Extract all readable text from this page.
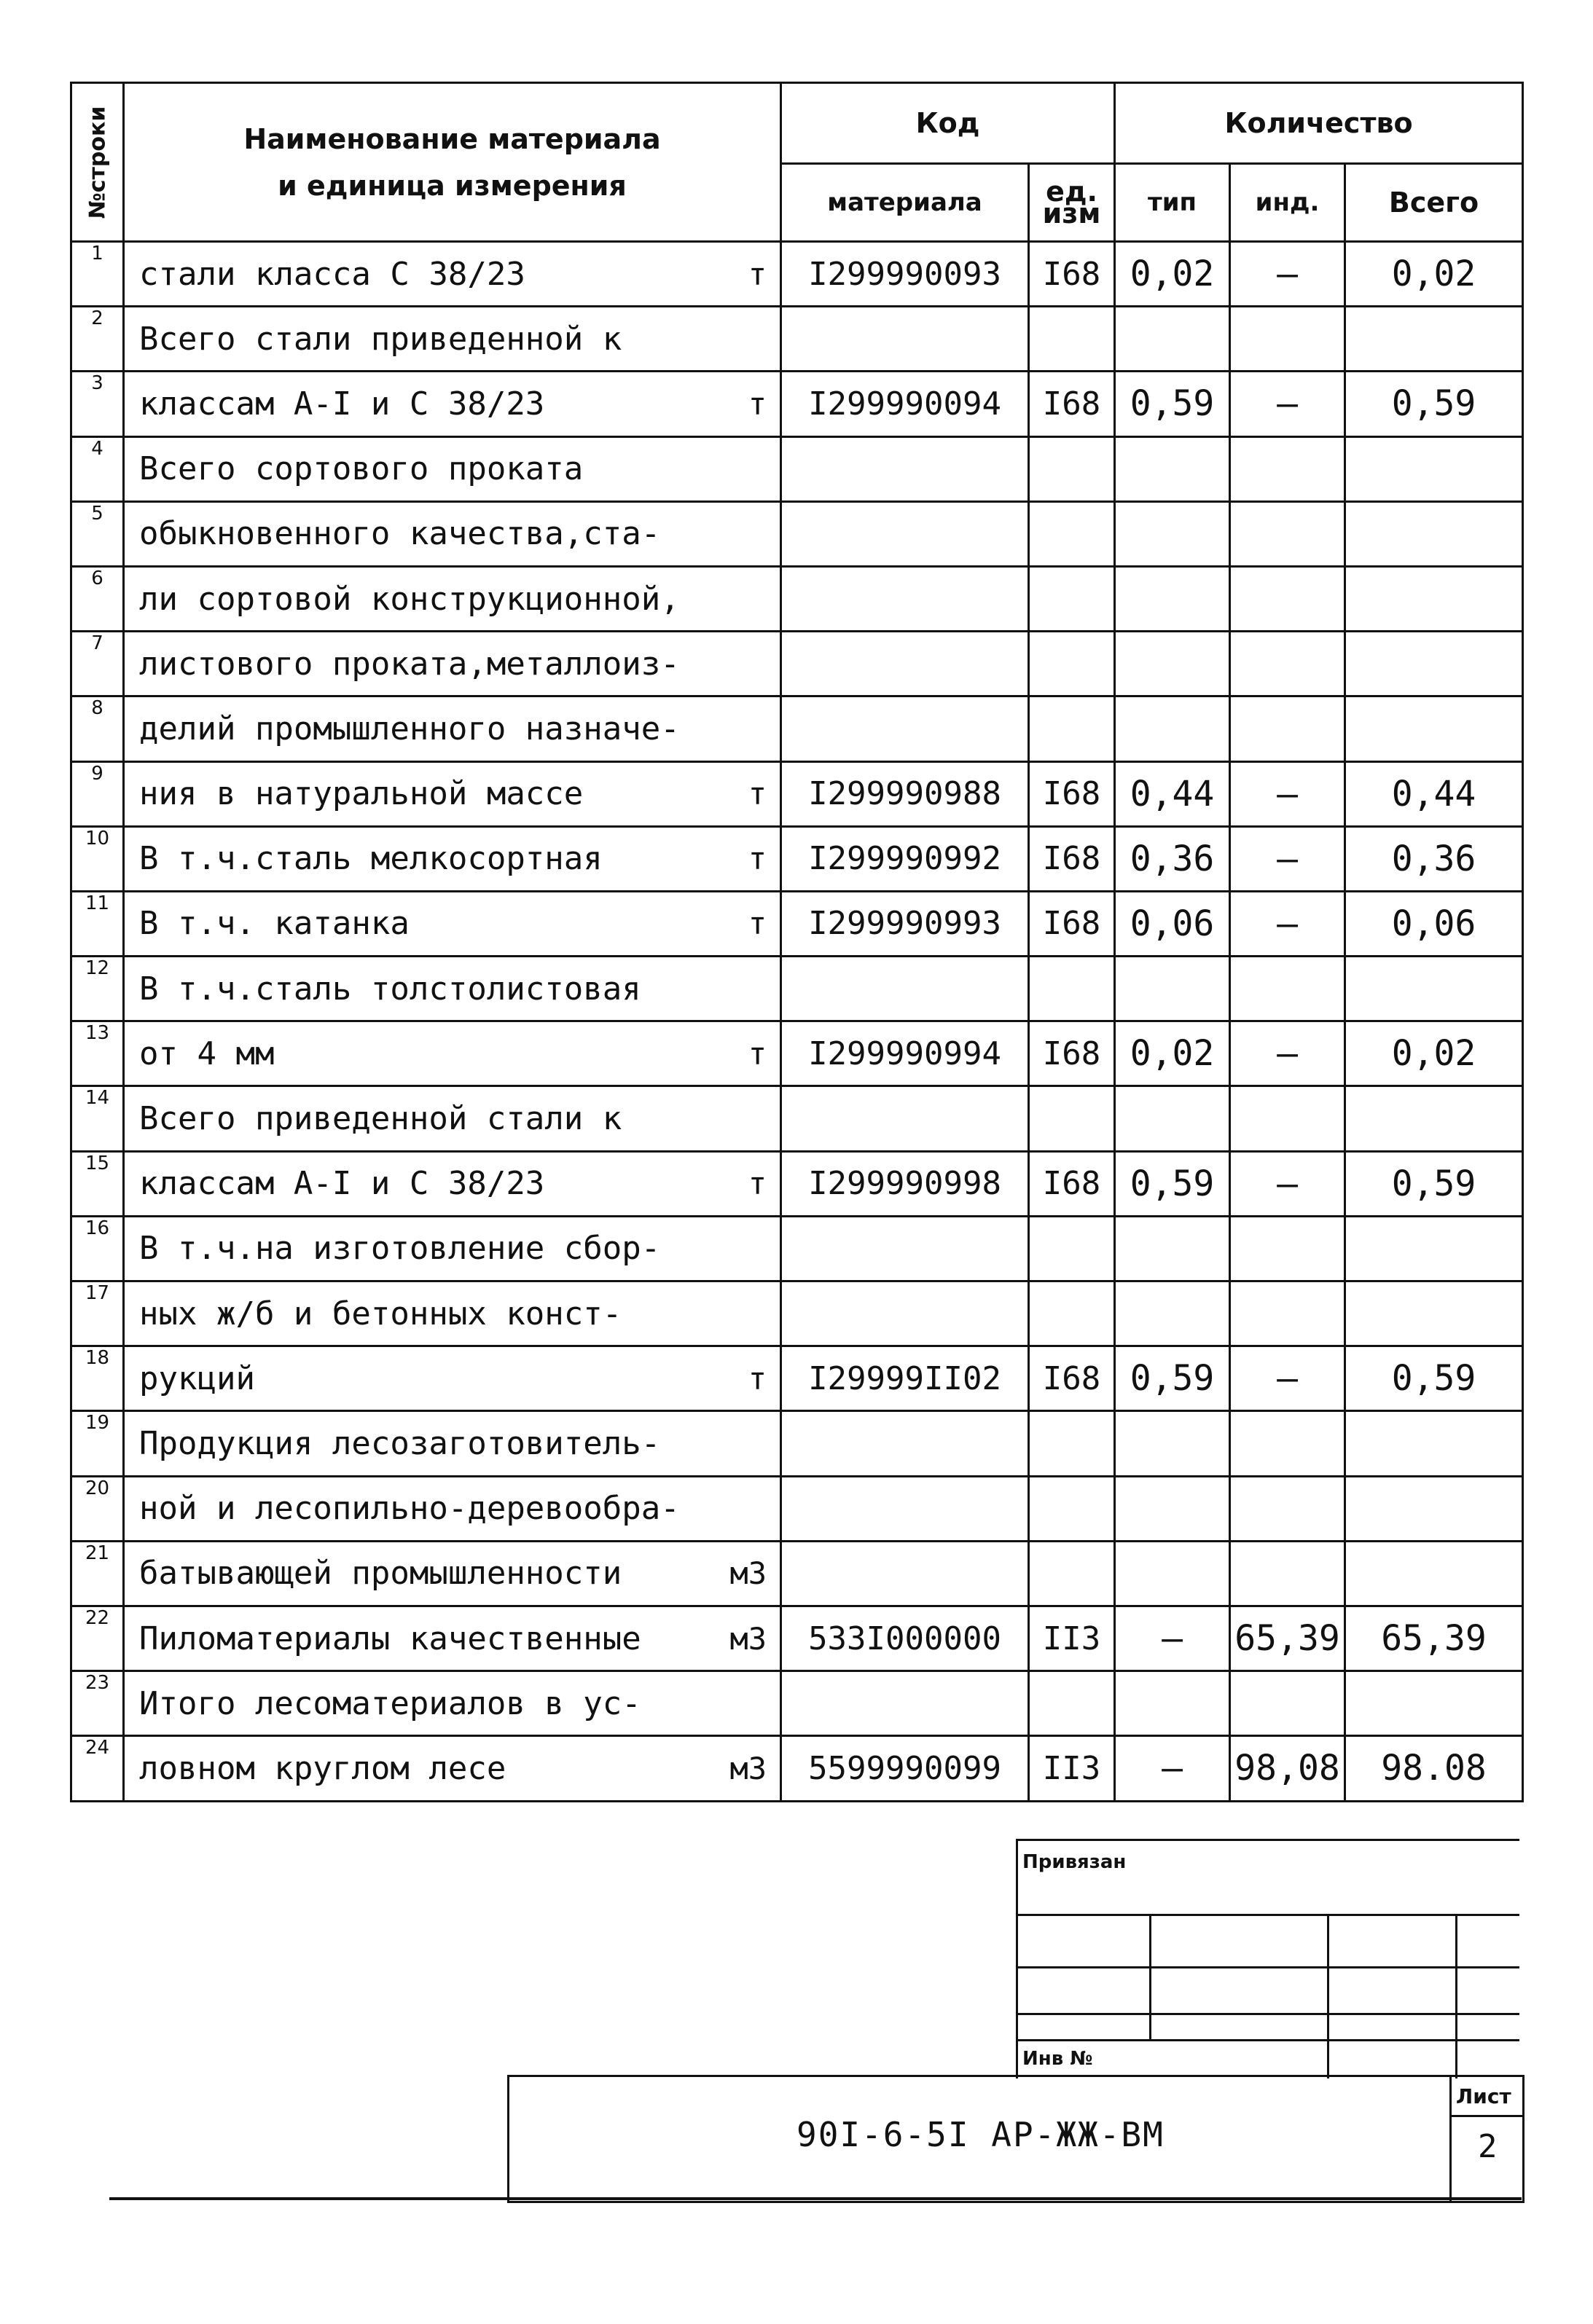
№строки	Наименование материала
и единица измерения		Код		Количество		
			материала	ед. изм	тип	инд.	Всего
1	стали класса С 38/23	т	I299990093	I68	0,02	–	0,02
2	Всего стали приведенной к						
3	классам А-I и С 38/23	т	I299990094	I68	0,59	–	0,59
4	Всего сортового проката						
5	обыкновенного качества,ста-						
6	ли сортовой конструкционной,						
7	листового проката,металлоиз-						
8	делий промышленного назначе-						
9	ния в натуральной массе	т	I299990988	I68	0,44	–	0,44
10	В т.ч.сталь мелкосортная	т	I299990992	I68	0,36	–	0,36
11	В т.ч. катанка	т	I299990993	I68	0,06	–	0,06
12	В т.ч.сталь толстолистовая						
13	от 4 мм	т	I299990994	I68	0,02	–	0,02
14	Всего приведенной стали к						
15	классам А-I и С 38/23	т	I299990998	I68	0,59	–	0,59
16	В т.ч.на изготовление сбор-						
17	ных ж/б и бетонных конст-						
18	рукций	т	I29999II02	I68	0,59	–	0,59
19	Продукция лесозаготовитель-						
20	ной и лесопильно-деревообра-						
21	батывающей промышленности	м3					
22	Пиломатериалы качественные	м3	533I000000	II3	–	65,39	65,39
23	Итого лесоматериалов в ус-						
24	ловном круглом лесе	м3	5599990099	II3	–	98,08	98.08
Привязан
Инв №
90I-6-5I АР-ЖЖ-ВМ
Лист
2
